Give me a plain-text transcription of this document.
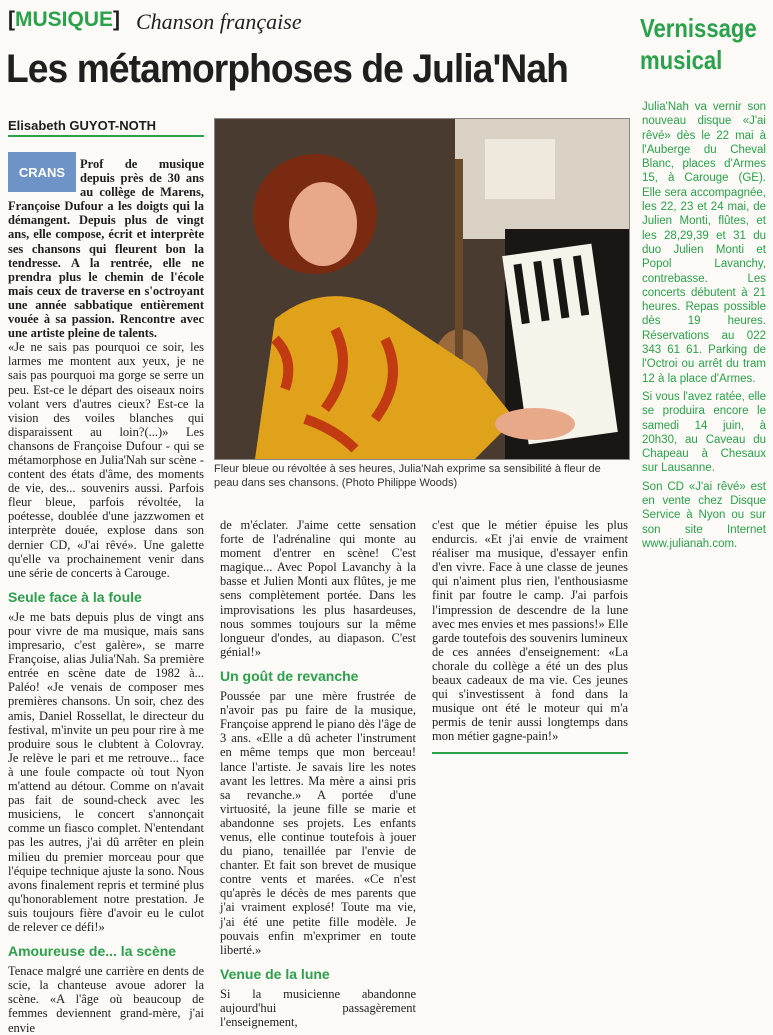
[MUSIQUE] Chanson française
Les métamorphoses de Julia'Nah
Elisabeth GUYOT-NOTH
CRANS

Prof de musique depuis près de 30 ans au collège de Marens, Françoise Dufour a les doigts qui la démangent. Depuis plus de vingt ans, elle compose, écrit et interprète ses chansons qui fleurent bon la tendresse. A la rentrée, elle ne prendra plus le chemin de l'école mais ceux de traverse en s'octroyant une année sabbatique entièrement vouée à sa passion. Rencontre avec une artiste pleine de talents.

«Je ne sais pas pourquoi ce soir, les larmes me montent aux yeux, je ne sais pas pourquoi ma gorge se serre un peu. Est-ce le départ des oiseaux noirs volant vers d'autres cieux? Est-ce la vision des voiles blanches qui disparaissent au loin?(...)» Les chansons de Françoise Dufour - qui se métamorphose en Julia'Nah sur scène - content des états d'âme, des moments de vie, des... souvenirs aussi. Parfois fleur bleue, parfois révoltée, la poétesse, doublée d'une jazzwomen et interprète douée, explose dans son dernier CD, «J'ai rêvé». Une galette qu'elle va prochainement venir dans une série de concerts à Carouge.

Seule face à la foule

«Je me bats depuis plus de vingt ans pour vivre de ma musique, mais sans impresario, c'est galère», se marre Françoise, alias Julia'Nah. Sa première entrée en scène date de 1982 à... Paléo! «Je venais de composer mes premières chansons. Un soir, chez des amis, Daniel Rossellat, le directeur du festival, m'invite un peu pour rire à me produire sous le clubtent à Colovray. Je relève le pari et me retrouve... face à une foule compacte où tout Nyon m'attend au détour. Comme on n'avait pas fait de sound-check avec les musiciens, le concert s'annonçait comme un fiasco complet. N'entendant pas les autres, j'ai dû arrêter en plein milieu du premier morceau pour que l'équipe technique ajuste la sono. Nous avons finalement repris et terminé plus qu'honorablement notre prestation. Je suis toujours fière d'avoir eu le culot de relever ce défi!»

Amoureuse de... la scène

Tenace malgré une carrière en dents de scie, la chanteuse avoue adorer la scène. «A l'âge où beaucoup de femmes deviennent grand-mère, j'ai envie

Fleur bleue ou révoltée à ses heures, Julia'Nah exprime sa sensibilité à fleur de peau dans ses chansons. (Photo Philippe Woods)

de m'éclater. J'aime cette sensation forte de l'adrénaline qui monte au moment d'entrer en scène! C'est magique... Avec Popol Lavanchy à la basse et Julien Monti aux flûtes, je me sens complètement portée. Dans les improvisations les plus hasardeuses, nous sommes toujours sur la même longueur d'ondes, au diapason. C'est génial!»

Un goût de revanche

Poussée par une mère frustrée de n'avoir pas pu faire de la musique, Françoise apprend le piano dès l'âge de 3 ans. «Elle a dû acheter l'instrument en même temps que mon berceau! lance l'artiste. Je savais lire les notes avant les lettres. Ma mère a ainsi pris sa revanche.» A portée d'une virtuosité, la jeune fille se marie et abandonne ses projets. Les enfants venus, elle continue toutefois à jouer du piano, tenaillée par l'envie de chanter. Et fait son brevet de musique contre vents et marées. «Ce n'est qu'après le décès de mes parents que j'ai vraiment explosé! Toute ma vie, j'ai été une petite fille modèle. Je pouvais enfin m'exprimer en toute liberté.»

Venue de la lune

Si la musicienne abandonne aujourd'hui passagèrement l'enseignement,

c'est que le métier épuise les plus endurcis. «Et j'ai envie de vraiment réaliser ma musique, d'essayer enfin d'en vivre. Face à une classe de jeunes qui n'aiment plus rien, l'enthousiasme finit par foutre le camp. J'ai parfois l'impression de descendre de la lune avec mes envies et mes passions!» Elle garde toutefois des souvenirs lumineux de ces années d'enseignement: «La chorale du collège a été un des plus beaux cadeaux de ma vie. Ces jeunes qui s'investissent à fond dans la musique ont été le moteur qui m'a permis de tenir aussi longtemps dans mon métier gagne-pain!»

Vernissage musical

Julia'Nah va vernir son nouveau disque «J'ai rêvé» dès le 22 mai à l'Auberge du Cheval Blanc, places d'Armes 15, à Carouge (GE). Elle sera accompagnée, les 22, 23 et 24 mai, de Julien Monti, flûtes, et les 28,29,39 et 31 du duo Julien Monti et Popol Lavanchy, contrebasse. Les concerts débutent à 21 heures. Repas possible dès 19 heures. Réservations au 022 343 61 61. Parking de l'Octroi ou arrêt du tram 12 à la place d'Armes.

Si vous l'avez ratée, elle se produira encore le samedi 14 juin, à 20h30, au Caveau du Chapeau à Chesaux sur Lausanne.

Son CD «J'ai rêvé» est en vente chez Disque Service à Nyon ou sur son site Internet www.julianah.com.
